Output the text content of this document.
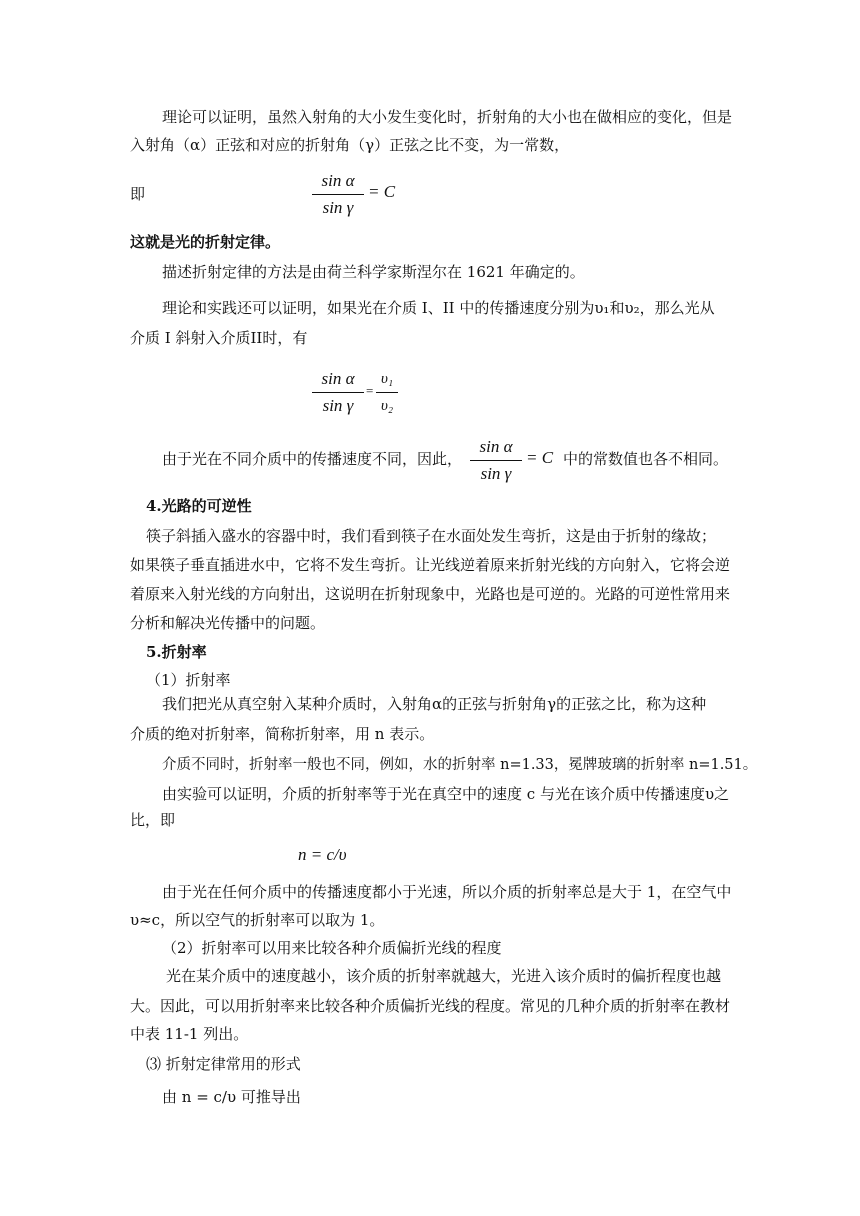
理论可以证明，虽然入射角的大小发生变化时，折射角的大小也在做相应的变化，但是
入射角（α）正弦和对应的折射角（γ）正弦之比不变，为一常数，
即
sin α
sin γ
= C
这就是光的折射定律。
描述折射定律的方法是由荷兰科学家斯涅尔在 1621 年确定的。
理论和实践还可以证明，如果光在介质 I、II 中的传播速度分别为υ₁和υ₂，那么光从
介质 I 斜射入介质II时，有
sin α
sin γ
=
υ₁
υ₂
由于光在不同介质中的传播速度不同，因此，
sin α
sin γ
= C 中的常数值也各不相同。
4.光路的可逆性
筷子斜插入盛水的容器中时，我们看到筷子在水面处发生弯折，这是由于折射的缘故；
如果筷子垂直插进水中，它将不发生弯折。让光线逆着原来折射光线的方向射入，它将会逆
着原来入射光线的方向射出，这说明在折射现象中，光路也是可逆的。光路的可逆性常用来
分析和解决光传播中的问题。
5.折射率
（1）折射率
我们把光从真空射入某种介质时，入射角α的正弦与折射角γ的正弦之比，称为这种
介质的绝对折射率，简称折射率，用 n 表示。
介质不同时，折射率一般也不同，例如，水的折射率 n=1.33，冕牌玻璃的折射率 n=1.51。
由实验可以证明，介质的折射率等于光在真空中的速度 c 与光在该介质中传播速度υ之
比，即
n = c/υ
由于光在任何介质中的传播速度都小于光速，所以介质的折射率总是大于 1，在空气中
υ≈c，所以空气的折射率可以取为 1。
（2）折射率可以用来比较各种介质偏折光线的程度
光在某介质中的速度越小，该介质的折射率就越大，光进入该介质时的偏折程度也越
大。因此，可以用折射率来比较各种介质偏折光线的程度。常见的几种介质的折射率在教材
中表 11-1 列出。
⑶ 折射定律常用的形式
由 n = c/υ 可推导出
